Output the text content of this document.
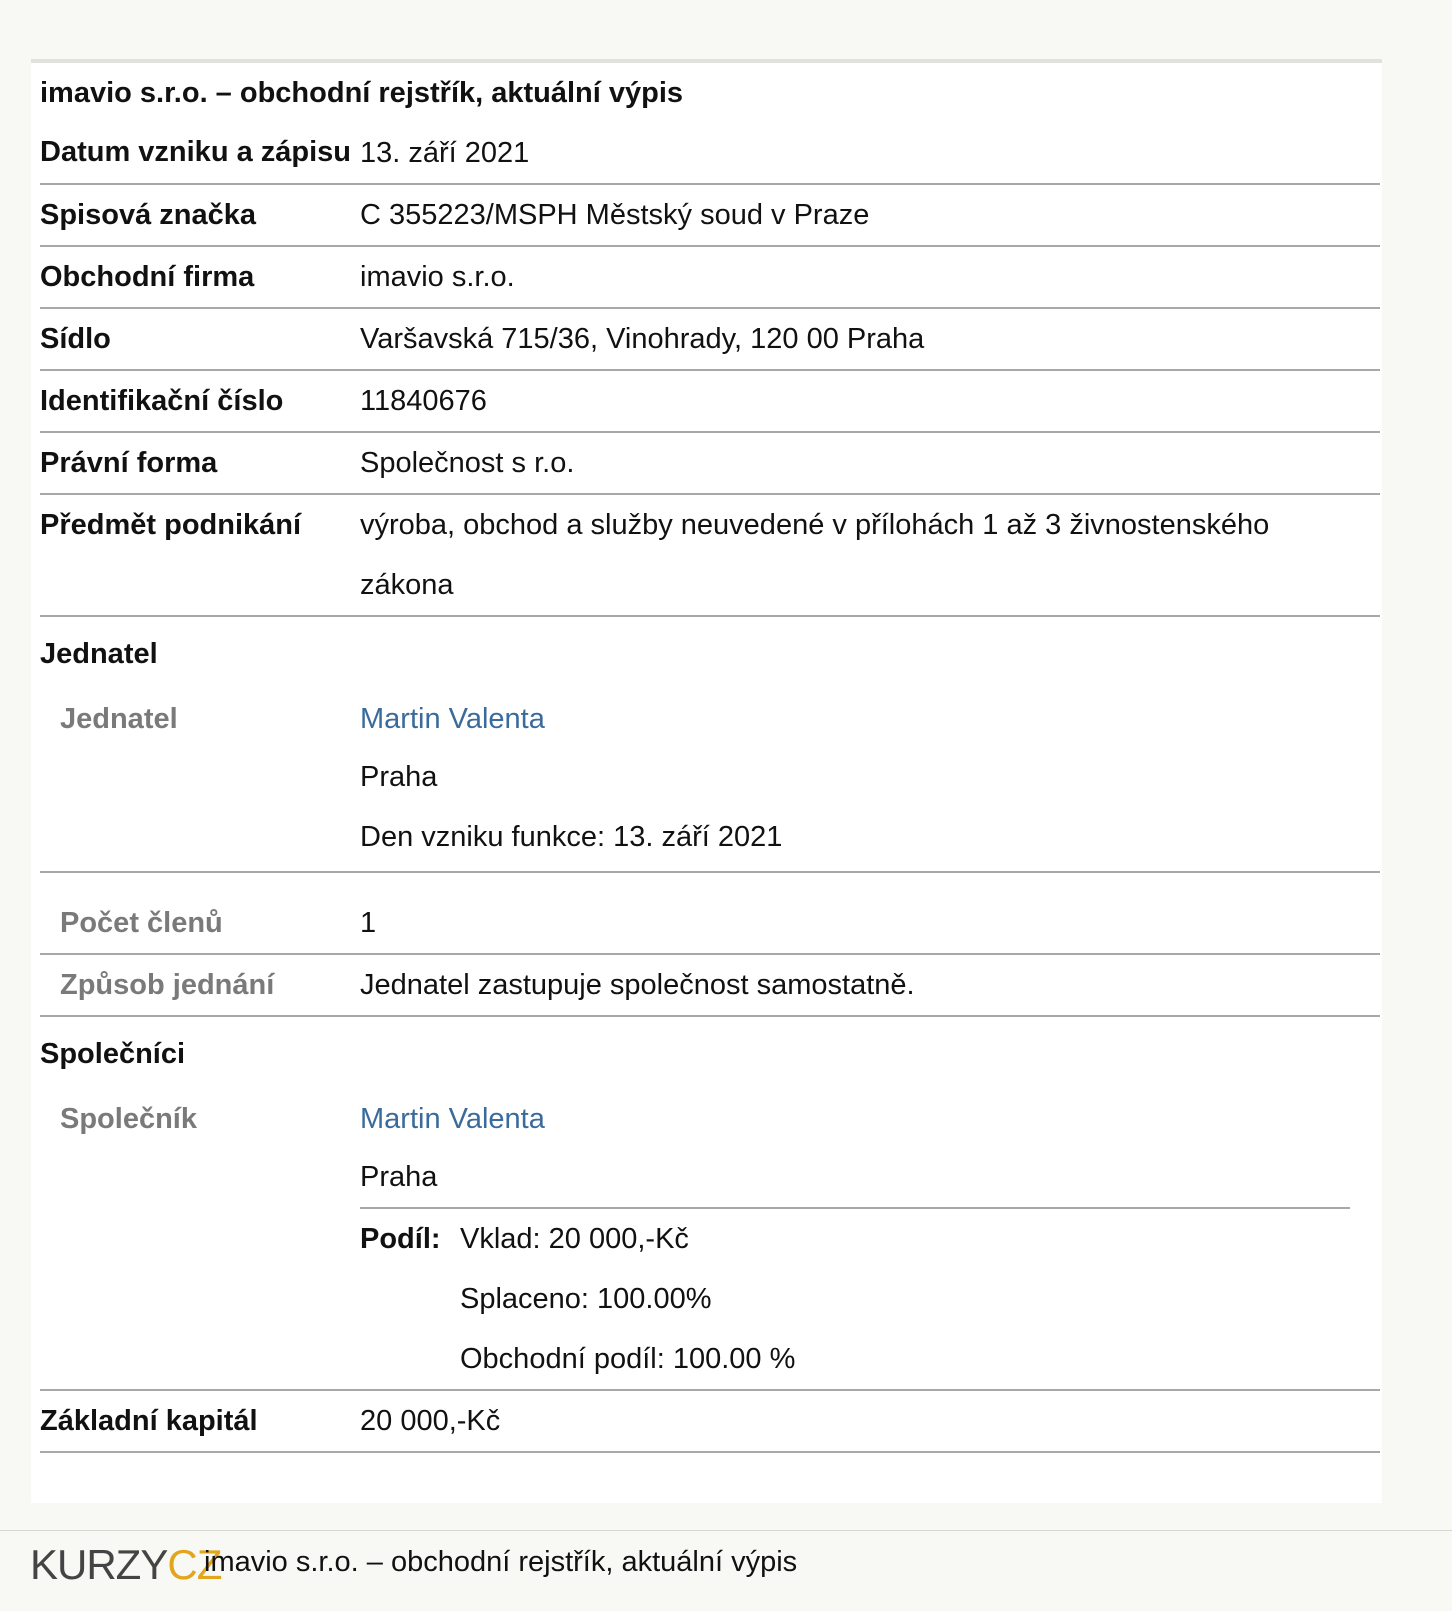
imavio s.r.o. – obchodní rejstřík, aktuální výpis
Datum vzniku a zápisu 13. září 2021
Spisová značka	C 355223/MSPH Městský soud v Praze
Obchodní firma	imavio s.r.o.
Sídlo	Varšavská 715/36, Vinohrady, 120 00 Praha
Identifikační číslo	11840676
Právní forma	Společnost s r.o.
Předmět podnikání	výroba, obchod a služby neuvedené v přílohách 1 až 3 živnostenského zákona
Jednatel
Jednatel	Martin Valenta
Praha
Den vzniku funkce: 13. září 2021
Počet členů	1
Způsob jednání	Jednatel zastupuje společnost samostatně.
Společníci
Společník	Martin Valenta
Praha
Podíl: Vklad: 20 000,-Kč
Splaceno: 100.00%
Obchodní podíl: 100.00 %
Základní kapitál	20 000,-Kč
KURZYCZ
imavio s.r.o. – obchodní rejstřík, aktuální výpis
